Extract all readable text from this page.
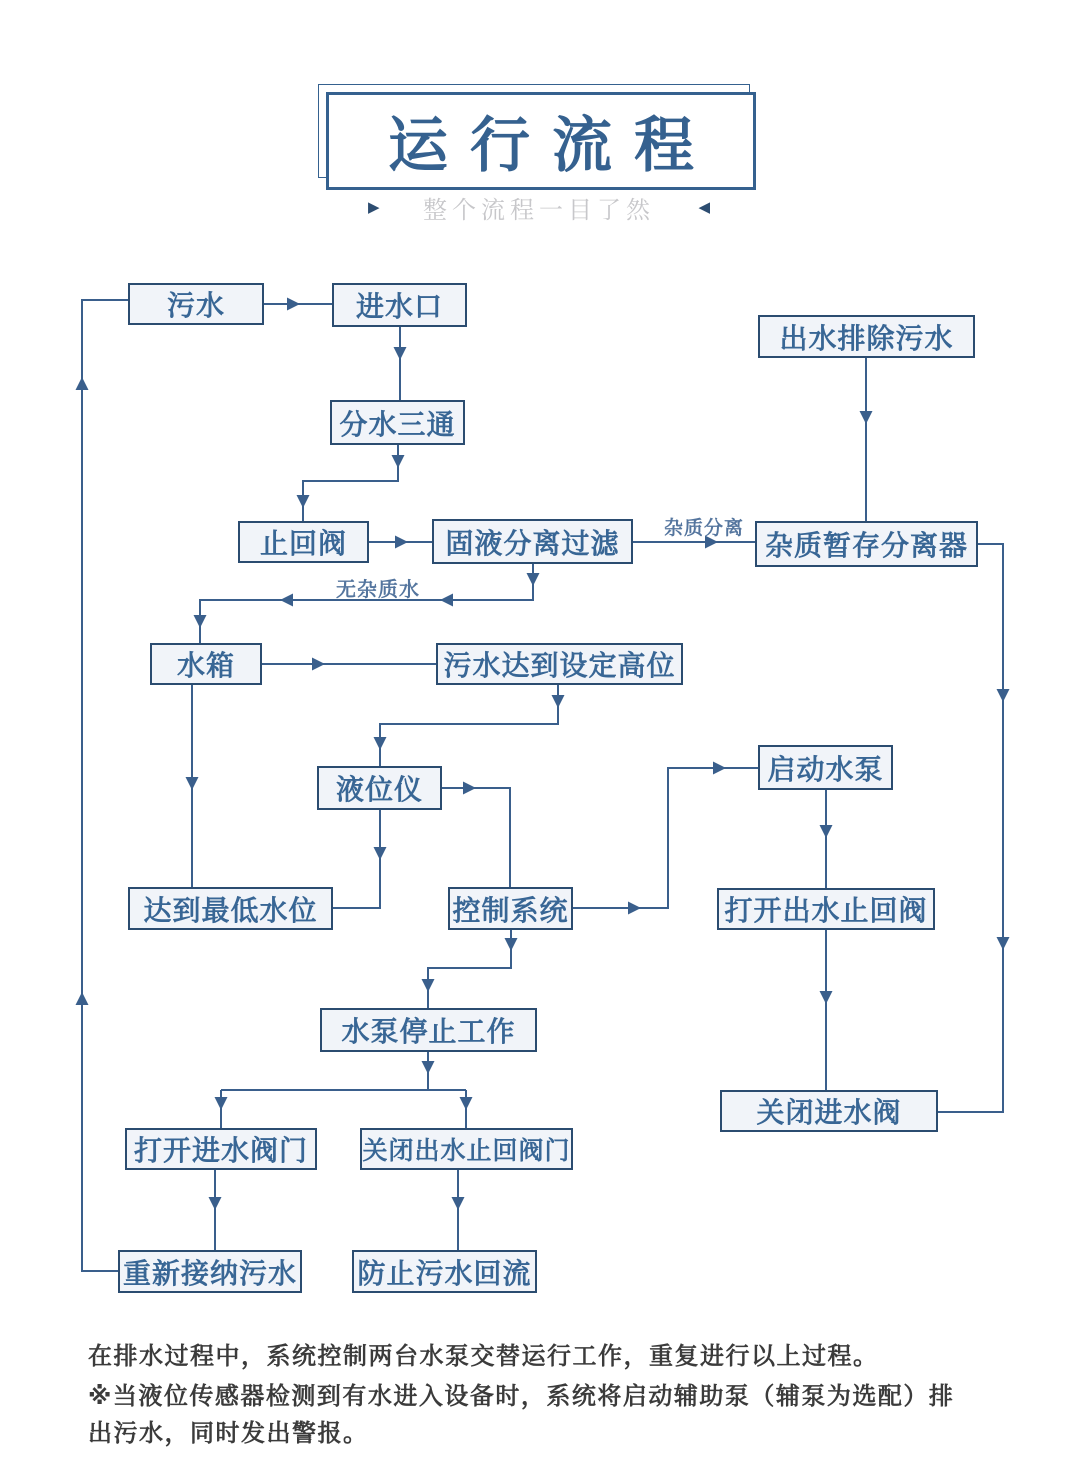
运行流程
▶ 整个流程一目了然	◀
污水	进水口
分水三通
止回阀	固液分离过滤	杂质暂存分离器
出水排除污水
水箱	污水达到设定高位
液位仪
达到最低水位	控制系统
启动水泵
打开出水止回阀
水泵停止工作
打开进水阀门	关闭出水止回阀门
关闭进水阀
重新接纳污水 防止污水回流
杂质分离
无杂质水
在排水过程中，系统控制两台水泵交替运行工作，重复进行以上过程。
※当液位传感器检测到有水进入设备时，系统将启动辅助泵（辅泵为选配）排出污水，同时发出警报。
